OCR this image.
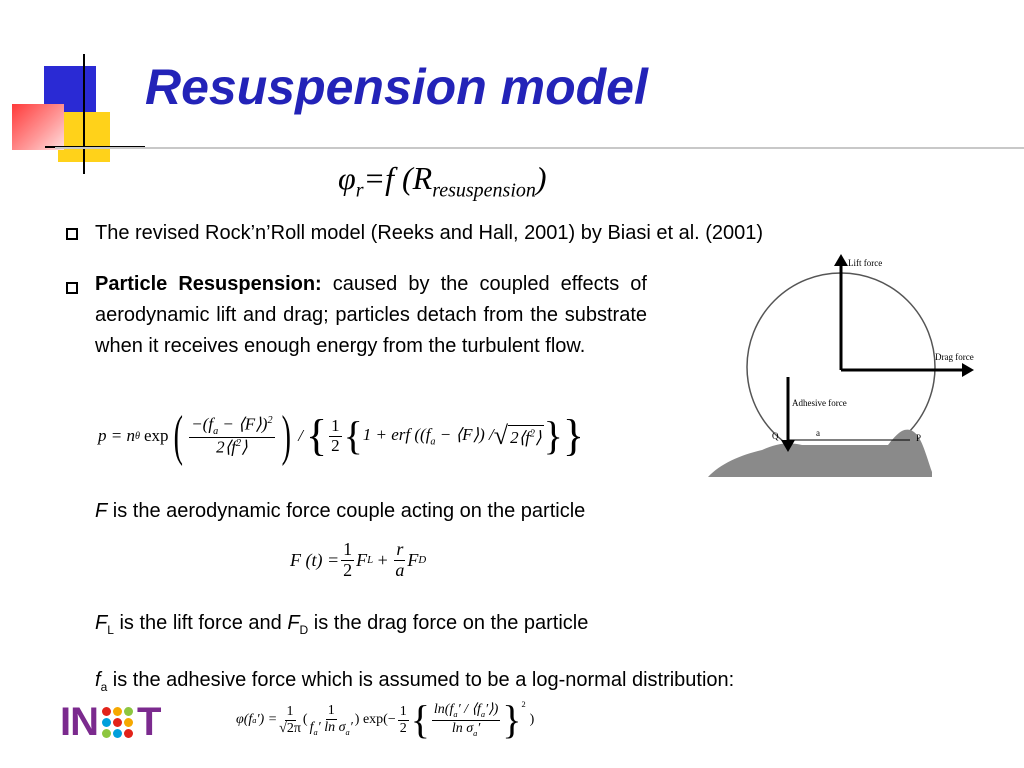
Resuspension model
$\varphi_r=f$ $(R_{resuspension})$
The revised Rock’n’Roll model (Reeks and Hall, 2001) by Biasi et al. (2001)
Particle Resuspension: caused by the coupled effects of aerodynamic lift and drag; particles detach from the substrate when it receives enough energy from the turbulent flow.
p = n θ exp ( $\frac{-(f_a - ⟨F⟩)^2}{2⟨f^2⟩}$ ) / { $\frac{1}{2}$ { 1 + erf (($f_a$ − ⟨F⟩) / √ $2⟨f^2⟩$ } }
F is the aerodynamic force couple acting on the particle
F $(t) = \frac{1}{2}$ F $L + \frac{r}{a}$ F D
$F_L$ is the lift force and $F_D$ is the drag force on the particle
$f_a$ is the adhesive force which is assumed to be a log-normal distribution:
φ(f a ′) = $\frac{1}{√2\pi}$ ( $\frac{1}{f_a' \ln \sigma_a'}$ ) $\exp(- \frac{1}{2}$ { $\frac{\ln(f_a' / ⟨f_a'⟩)}{\ln \sigma_a'} \}^2$
)
Lift force
Drag force
Adhesive force
Q	a	P
IN T
